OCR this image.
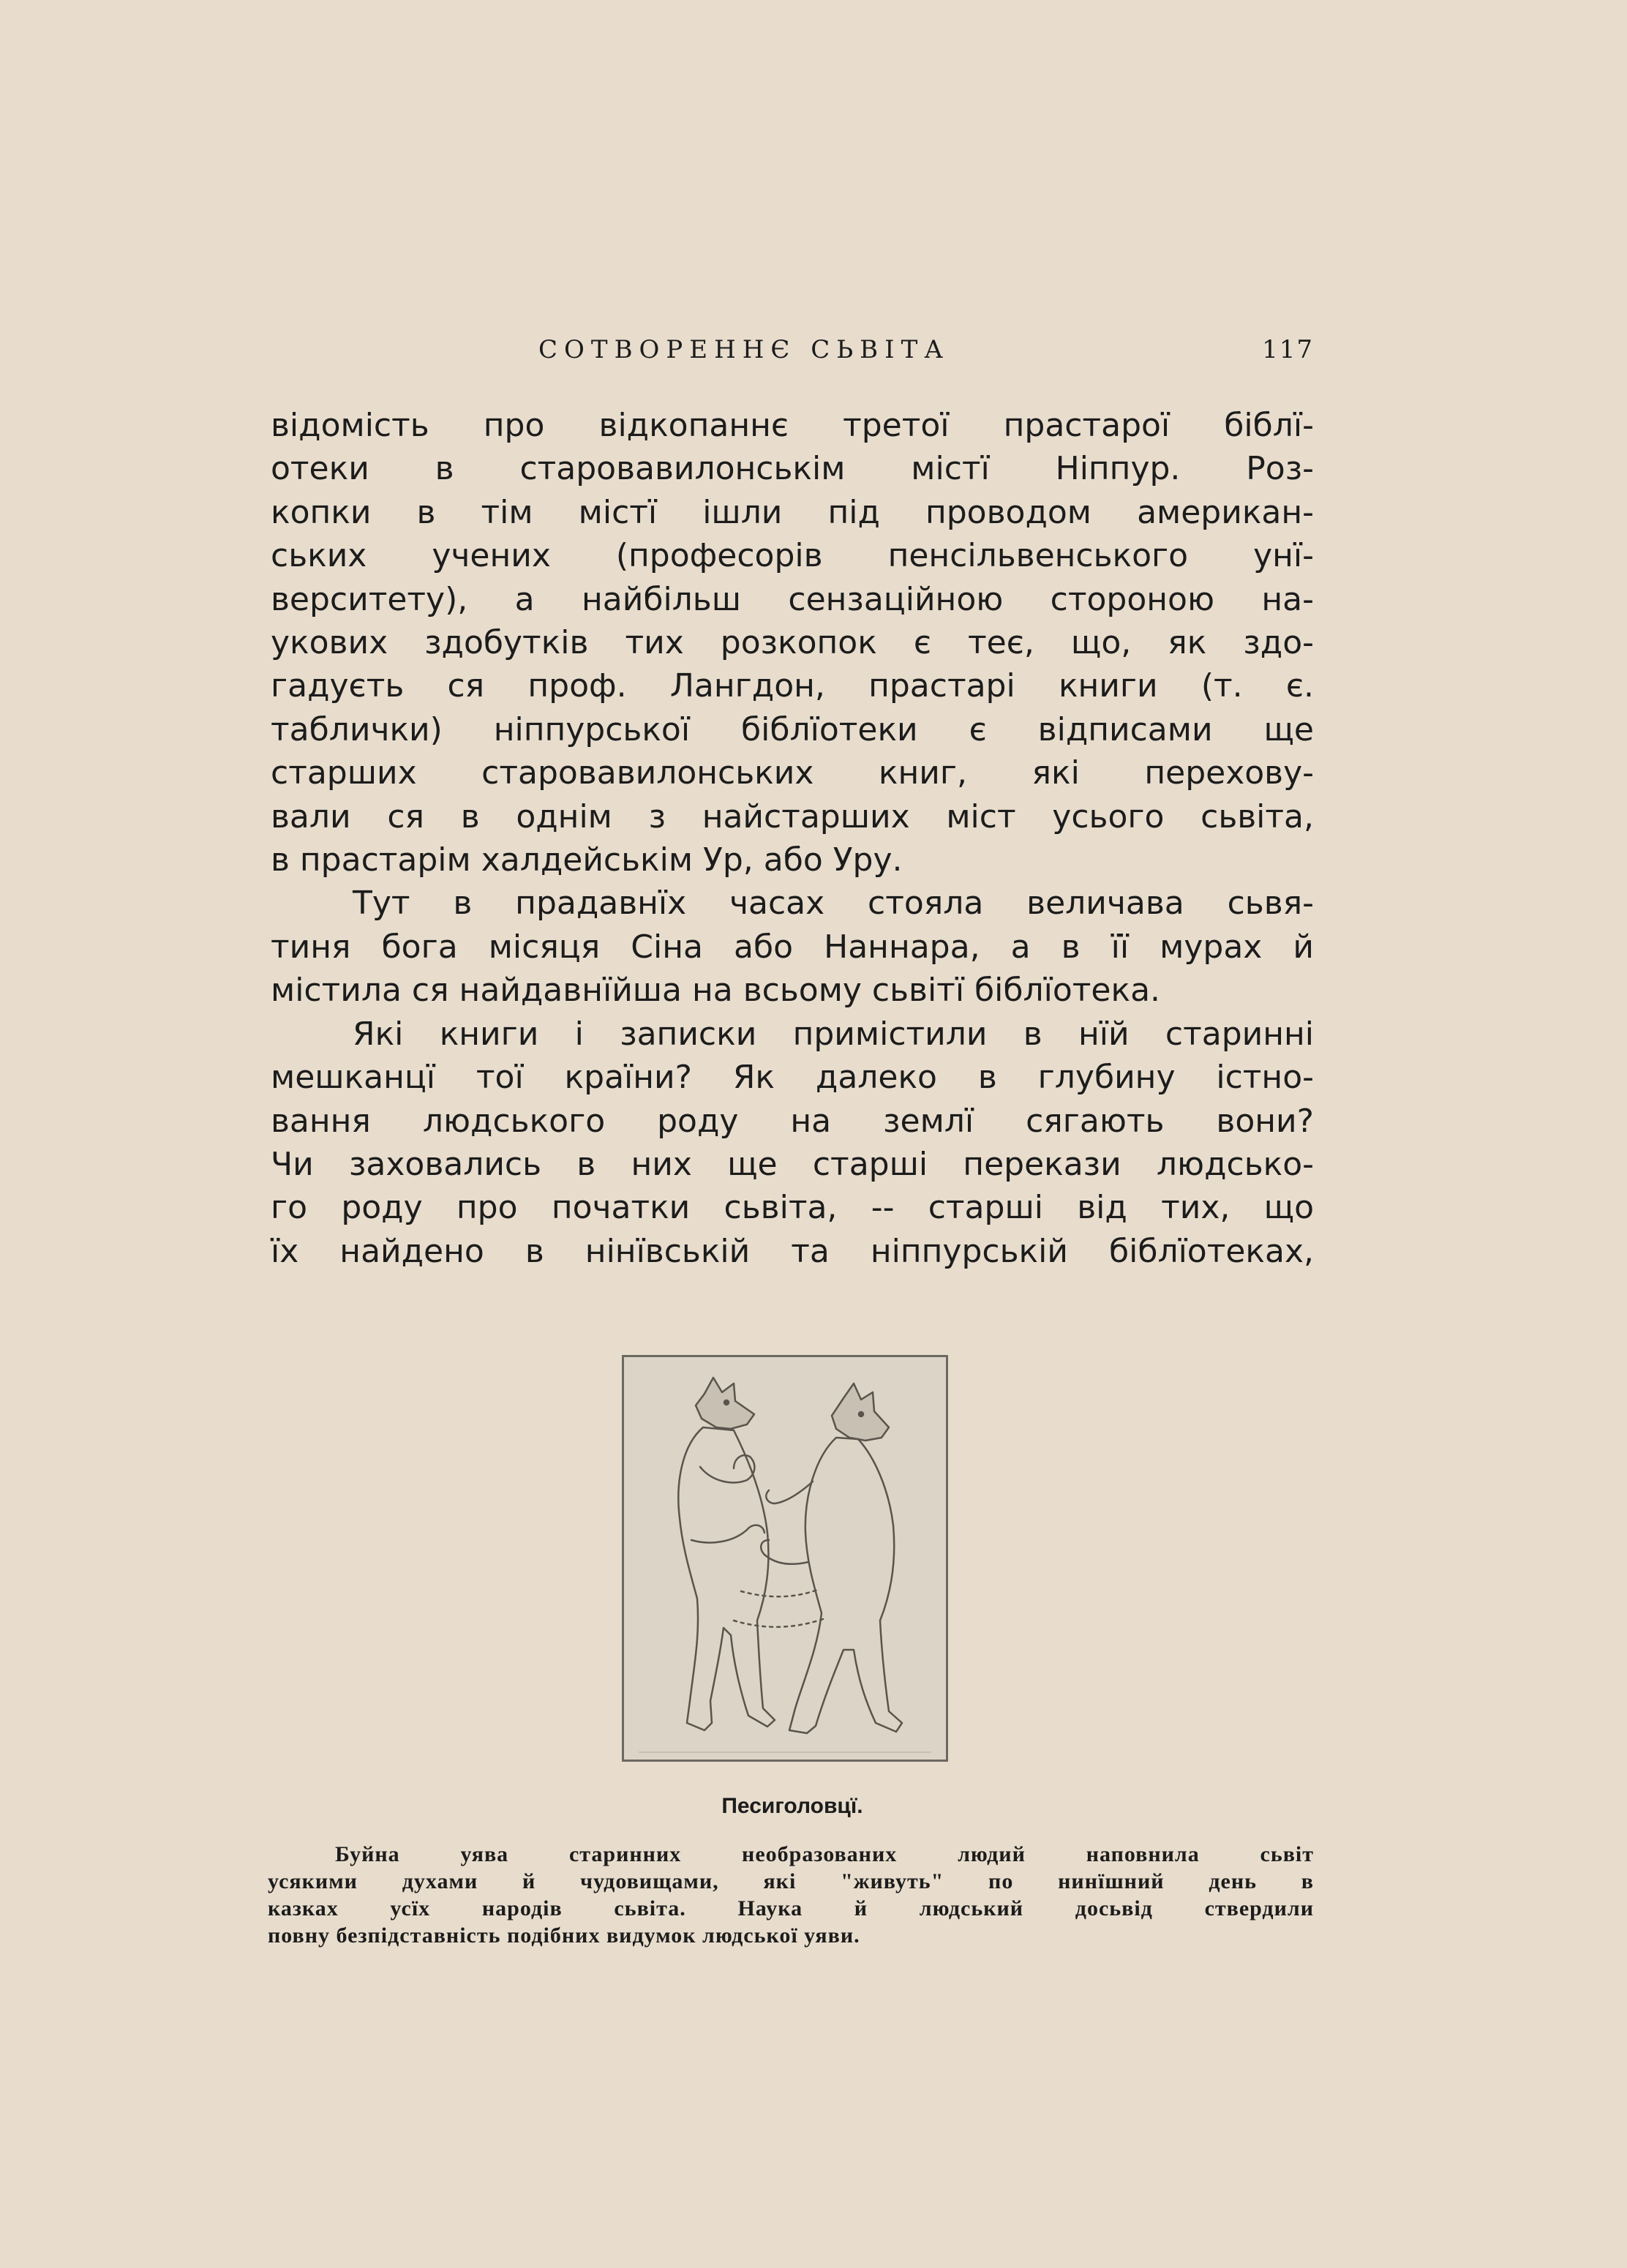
СОТВОРЕННЄ СЬВІТА	117

відомість про відкопаннє третої прастарої біблї-
отеки в старовавилонськім містї Ніппур. Роз-
копки в тім містї ішли під проводом американ-
ських учених (професорів пенсільвенського унї-
верситету), а найбільш сензаційною стороною на-
укових здобутків тих розкопок є теє, що, як здо-
гадуєть ся проф. Лангдон, прастарі книги (т. є.
таблички) ніппурської біблїотеки є відписами ще
старших старовавилонських книг, які перехову-
вали ся в однім з найстарших міст усього сьвіта,
в прастарім халдейськім Ур, або Уру.

Тут в прадавнїх часах стояла величава сьвя-
тиня бога місяця Сіна або Наннара, а в її мурах й
містила ся найдавнїйша на всьому сьвітї біблїотека.

Які книги і записки примістили в нїй старинні
мешканцї тої країни? Як далеко в глубину істно-
вання людського роду на землї сягають вони?
Чи заховались в них ще старші перекази людсько-
го роду про початки сьвіта, -- старші від тих, що
їх найдено в нінївській та ніппурській біблїотеках,

Песиголовцї.
Буйна уява старинних необразованих людий наповнила сьвіт
усякими духами й чудовищами, які "живуть" по нинїшний день в
казках усїх народів сьвіта. Наука й людський досьвід ствердили
повну безпідставність подібних видумок людської уяви.
